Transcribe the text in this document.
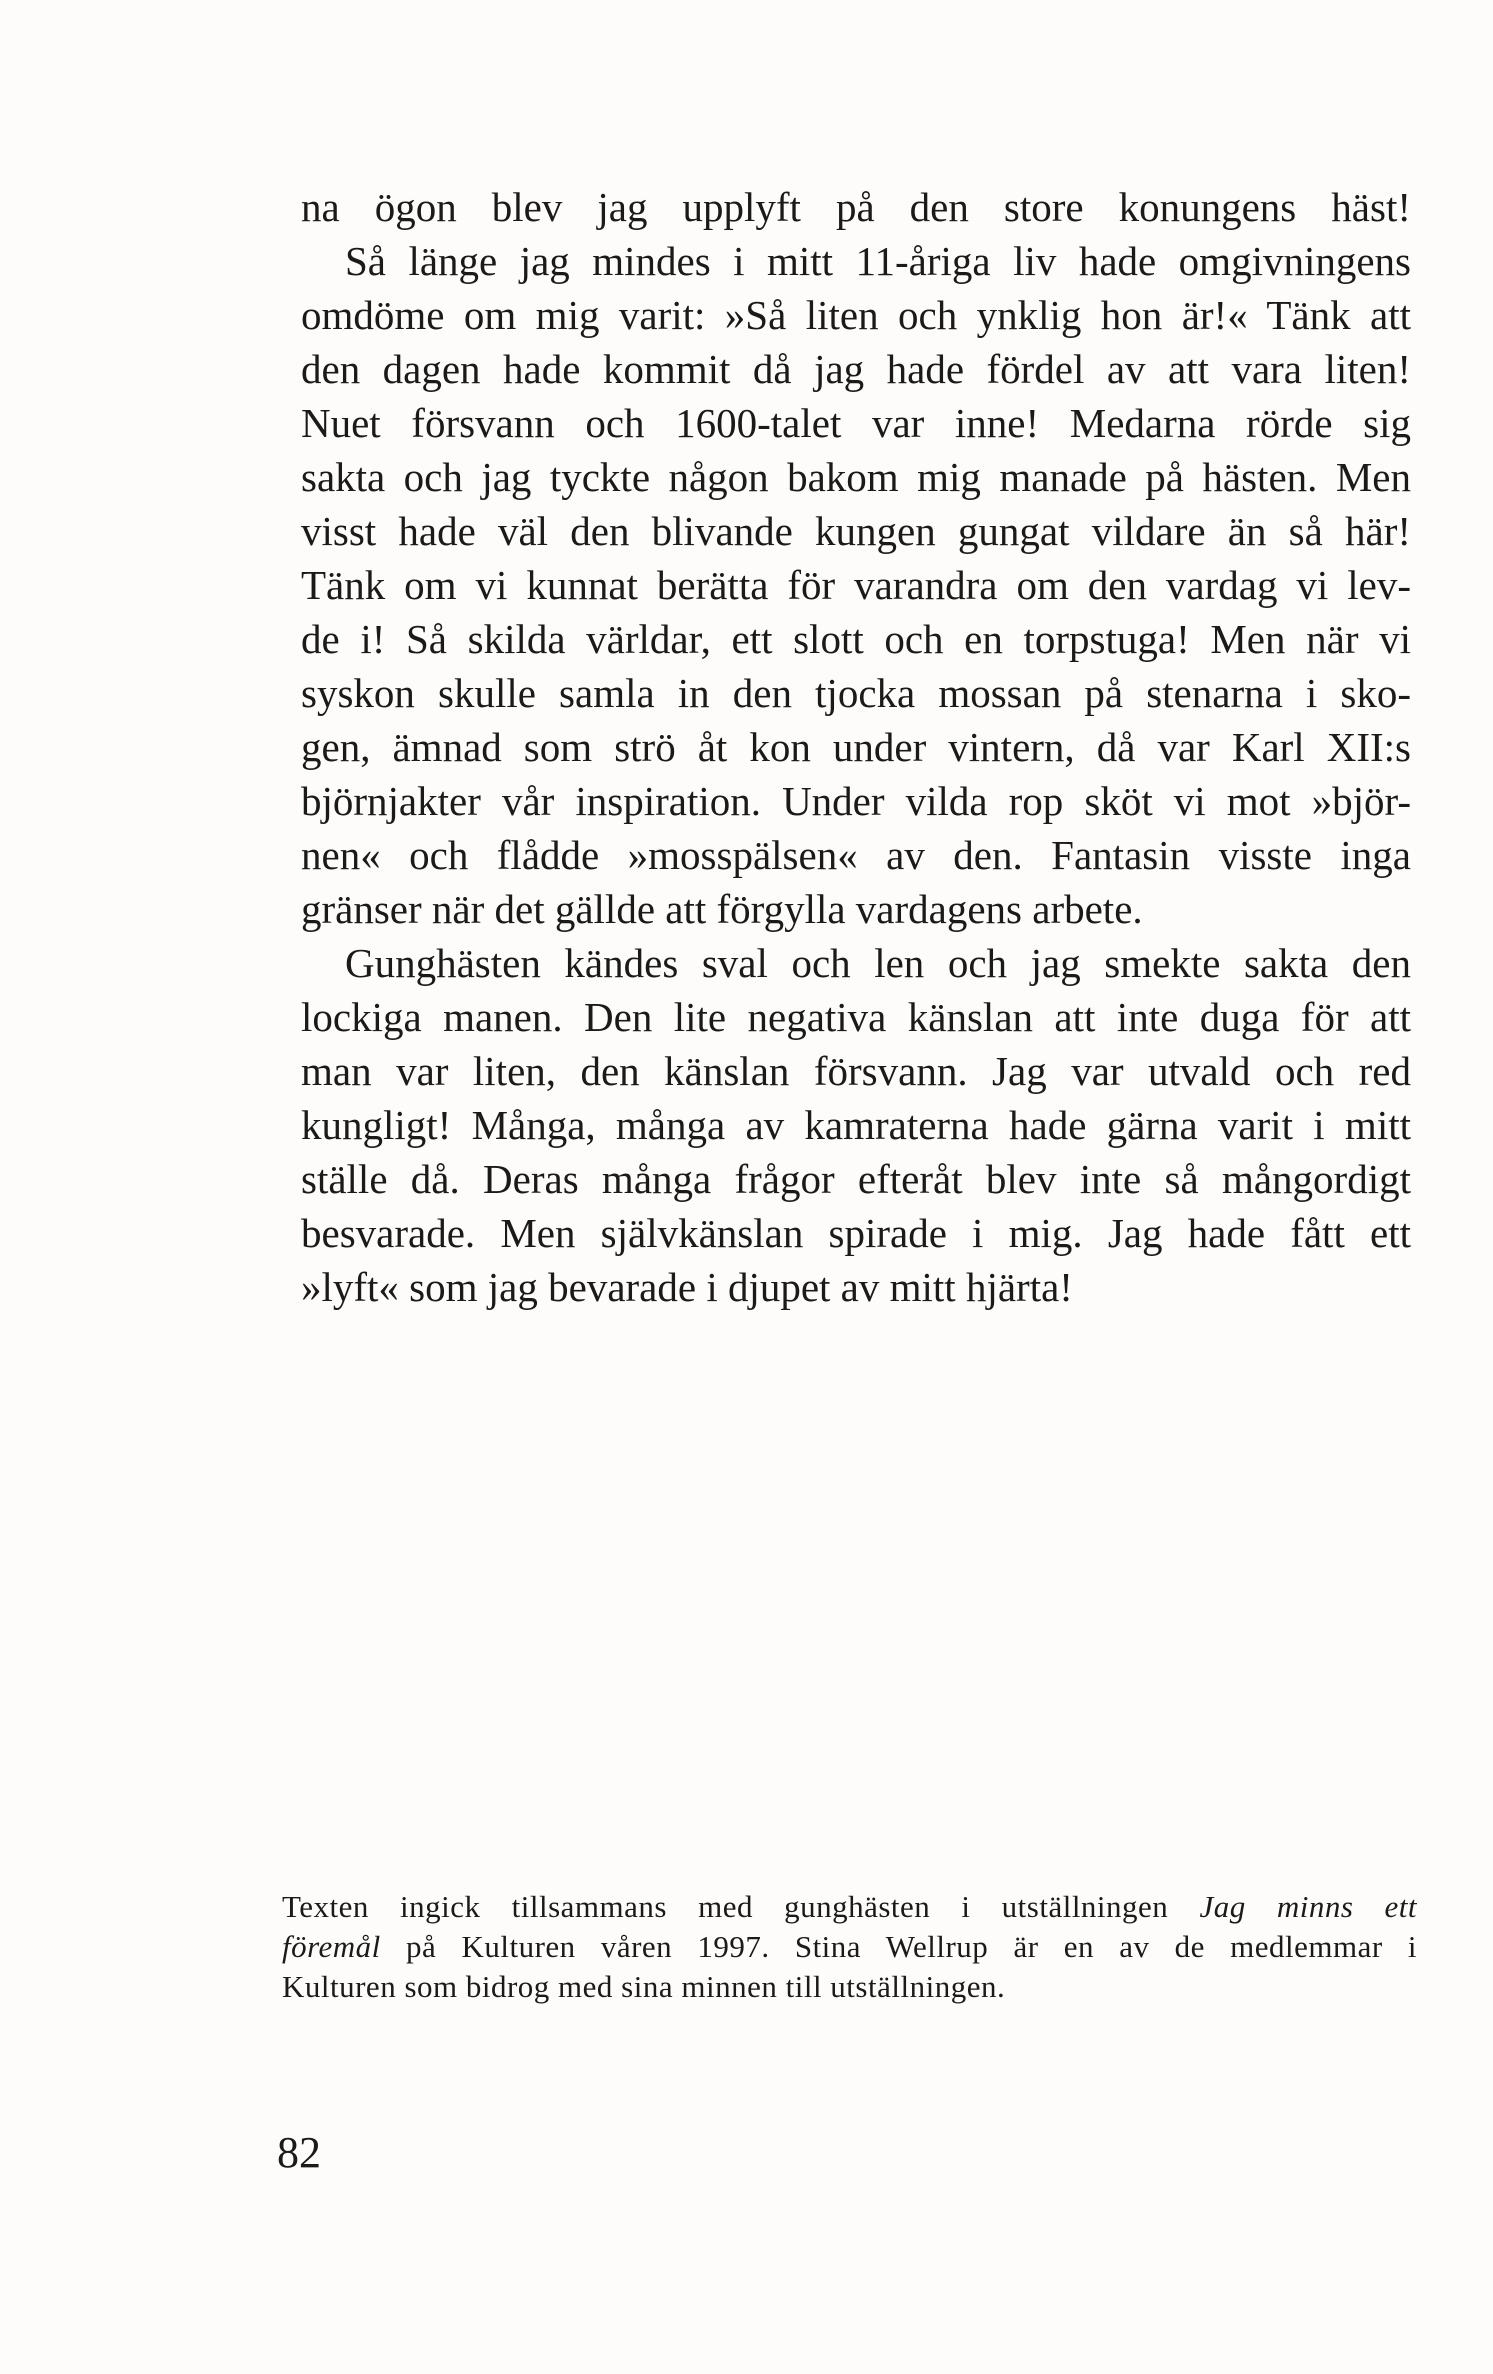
na ögon blev jag upplyft på den store konungens häst!
Så länge jag mindes i mitt 11-åriga liv hade omgivningens
omdöme om mig varit: »Så liten och ynklig hon är!« Tänk att
den dagen hade kommit då jag hade fördel av att vara liten!
Nuet försvann och 1600-talet var inne! Medarna rörde sig
sakta och jag tyckte någon bakom mig manade på hästen. Men
visst hade väl den blivande kungen gungat vildare än så här!
Tänk om vi kunnat berätta för varandra om den vardag vi lev-
de i! Så skilda världar, ett slott och en torpstuga! Men när vi
syskon skulle samla in den tjocka mossan på stenarna i sko-
gen, ämnad som strö åt kon under vintern, då var Karl XII:s
björnjakter vår inspiration. Under vilda rop sköt vi mot »björ-
nen« och flådde »mosspälsen« av den. Fantasin visste inga
gränser när det gällde att förgylla vardagens arbete.
Gunghästen kändes sval och len och jag smekte sakta den
lockiga manen. Den lite negativa känslan att inte duga för att
man var liten, den känslan försvann. Jag var utvald och red
kungligt! Många, många av kamraterna hade gärna varit i mitt
ställe då. Deras många frågor efteråt blev inte så mångordigt
besvarade. Men självkänslan spirade i mig. Jag hade fått ett
»lyft« som jag bevarade i djupet av mitt hjärta!
Texten ingick tillsammans med gunghästen i utställningen Jag minns ett
föremål på Kulturen våren 1997. Stina Wellrup är en av de medlemmar i
Kulturen som bidrog med sina minnen till utställningen.
82
